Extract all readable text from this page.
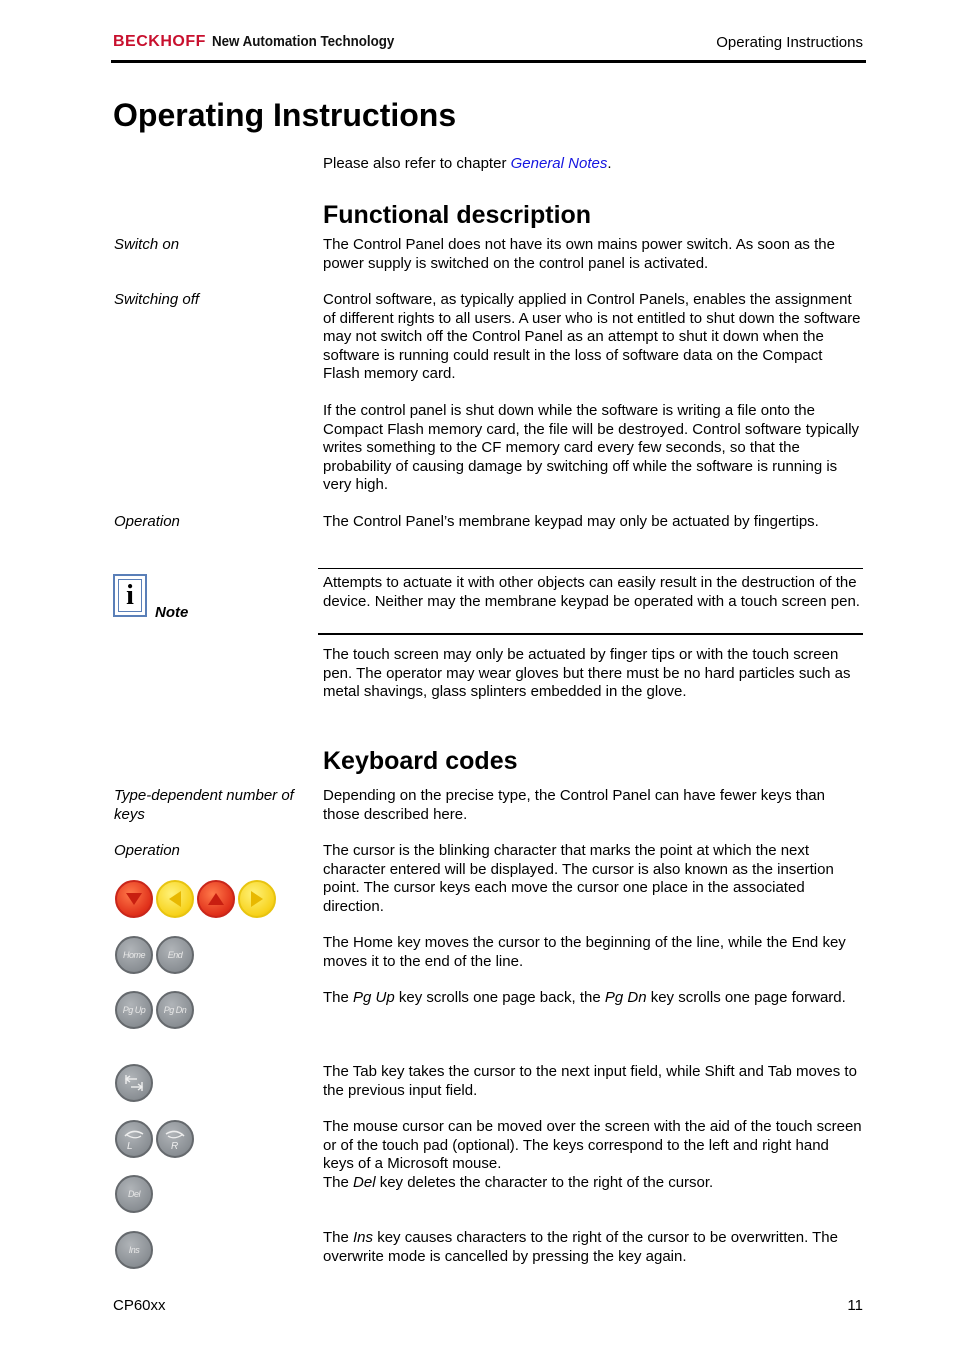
BECKHOFF New Automation Technology	Operating Instructions
Operating Instructions
Please also refer to chapter General Notes.
Functional description
Switch on	The Control Panel does not have its own mains power switch. As soon as the power supply is switched on the control panel is activated.
Switching off	Control software, as typically applied in Control Panels, enables the assignment of different rights to all users. A user who is not entitled to shut down the software may not switch off the Control Panel as an attempt to shut it down when the software is running could result in the loss of software data on the Compact Flash memory card.
If the control panel is shut down while the software is writing a file onto the Compact Flash memory card, the file will be destroyed. Control software typically writes something to the CF memory card every few seconds, so that the probability of causing damage by switching off while the software is running is very high.
Operation	The Control Panel’s membrane keypad may only be actuated by fingertips.
i
Note
Attempts to actuate it with other objects can easily result in the destruction of the device. Neither may the membrane keypad be operated with a touch screen pen.
The touch screen may only be actuated by finger tips or with the touch screen pen. The operator may wear gloves but there must be no hard particles such as metal shavings, glass splinters embedded in the glove.
Keyboard codes
Type-dependent number of keys
Depending on the precise type, the Control Panel can have fewer keys than those described here.
Operation	The cursor is the blinking character that marks the point at which the next character entered will be displayed. The cursor is also known as the insertion point. The cursor keys each move the cursor one place in the associated direction.
The Home key moves the cursor to the beginning of the line, while the End key moves it to the end of the line.
Home	End
The Pg Up key scrolls one page back, the Pg Dn key scrolls one page forward.
Pg Up Pg Dn
The Tab key takes the cursor to the next input field, while Shift and Tab moves to the previous input field.
The mouse cursor can be moved over the screen with the aid of the touch screen or of the touch pad (optional). The keys correspond to the left and right hand keys of a Microsoft mouse.
L	R
The Del key deletes the character to the right of the cursor.
Del
The Ins key causes characters to the right of the cursor to be overwritten. The overwrite mode is cancelled by pressing the key again.
Ins
CP60xx	11
